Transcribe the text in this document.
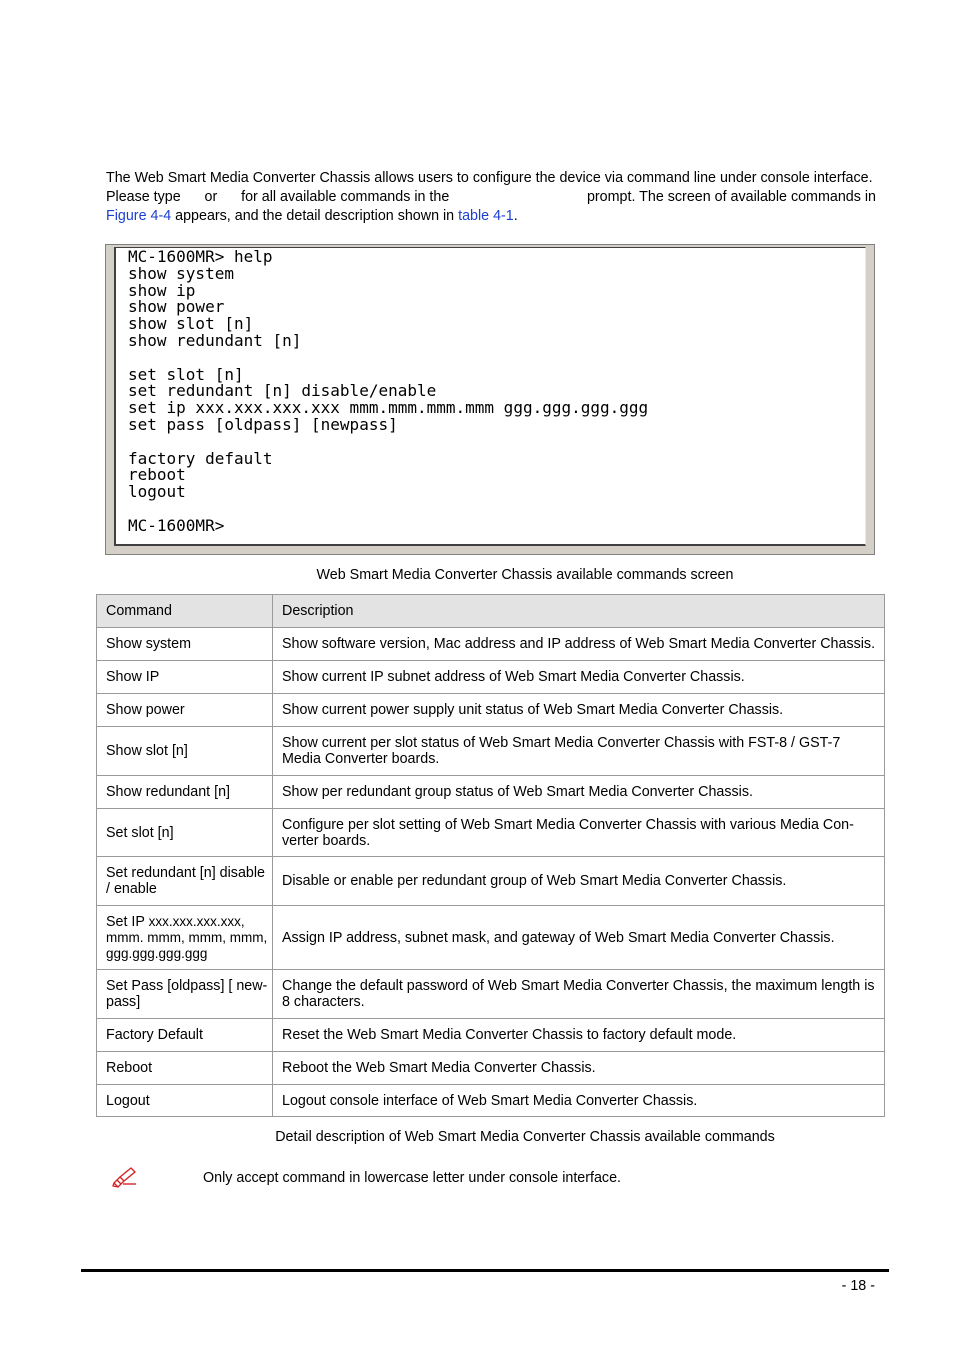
The Web Smart Media Converter Chassis allows users to configure the device via command line under console interface.
Please type or for all available commands in the	prompt. The screen of available commands in
Figure 4-4 appears, and the detail description shown in table 4-1.
MC-1600MR> help
show system
show ip
show power
show slot [n]
show redundant [n]
set slot [n]
set redundant [n] disable/enable
set ip xxx.xxx.xxx.xxx mmm.mmm.mmm.mmm ggg.ggg.ggg.ggg
set pass [oldpass] [newpass]
factory default
reboot
logout
MC-1600MR>
Web Smart Media Converter Chassis available commands screen
Command	Description
Show system	Show software version, Mac address and IP address of Web Smart Media Converter Chassis.
Show IP	Show current IP subnet address of Web Smart Media Converter Chassis.
Show power	Show current power supply unit status of Web Smart Media Converter Chassis.
Show slot [n]	Show current per slot status of Web Smart Media Converter Chassis with FST-8 / GST-7 Media Converter boards.
Show redundant [n]	Show per redundant group status of Web Smart Media Converter Chassis.
Set slot [n]	Configure per slot setting of Web Smart Media Converter Chassis with various Media Con-verter boards.
Set redundant [n] disable / enable	Disable or enable per redundant group of Web Smart Media Converter Chassis.
Set IP xxx.xxx.xxx.xxx, mmm. mmm, mmm, mmm, ggg.ggg.ggg.ggg	Assign IP address, subnet mask, and gateway of Web Smart Media Converter Chassis.
Set Pass [oldpass] [ new-pass]	Change the default password of Web Smart Media Converter Chassis, the maximum length is 8 characters.
Factory Default	Reset the Web Smart Media Converter Chassis to factory default mode.
Reboot	Reboot the Web Smart Media Converter Chassis.
Logout	Logout console interface of Web Smart Media Converter Chassis.
Detail description of Web Smart Media Converter Chassis available commands
Only accept command in lowercase letter under console interface.
- 18 -
